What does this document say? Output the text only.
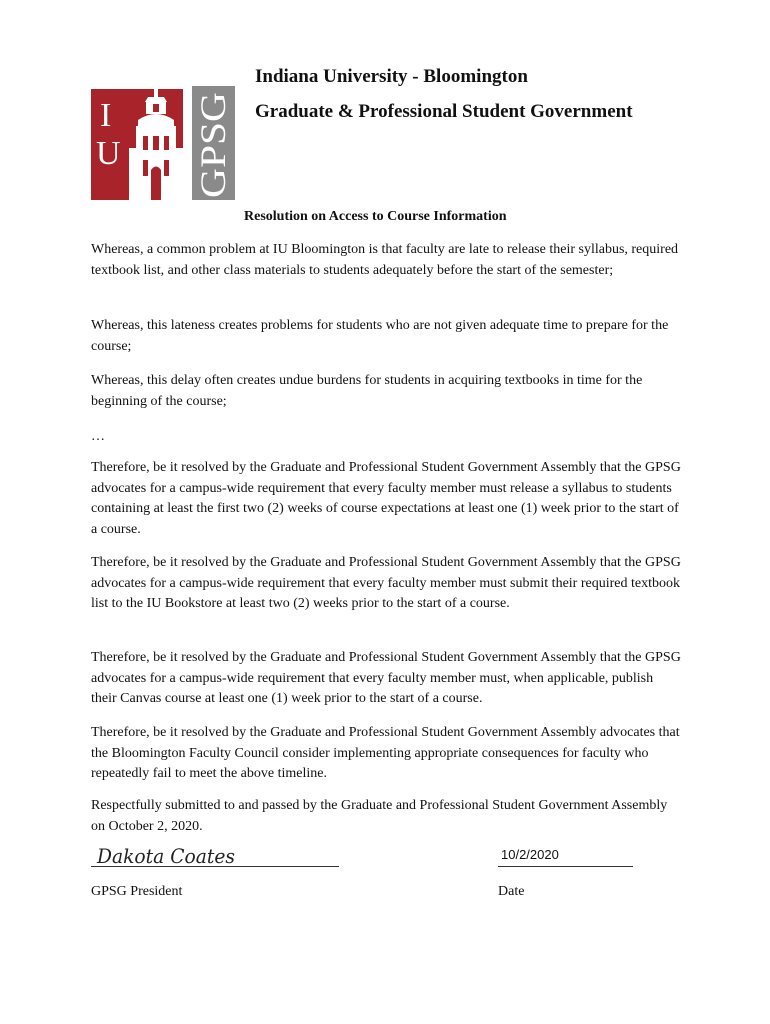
I
U GPSG
Indiana University - Bloomington
Graduate & Professional Student Government
Resolution on Access to Course Information
Whereas, a common problem at IU Bloomington is that faculty are late to release their syllabus, required textbook list, and other class materials to students adequately before the start of the semester;
Whereas, this lateness creates problems for students who are not given adequate time to prepare for the course;
Whereas, this delay often creates undue burdens for students in acquiring textbooks in time for the beginning of the course;
…
Therefore, be it resolved by the Graduate and Professional Student Government Assembly that the GPSG advocates for a campus-wide requirement that every faculty member must release a syllabus to students containing at least the first two (2) weeks of course expectations at least one (1) week prior to the start of a course.
Therefore, be it resolved by the Graduate and Professional Student Government Assembly that the GPSG advocates for a campus-wide requirement that every faculty member must submit their required textbook list to the IU Bookstore at least two (2) weeks prior to the start of a course.
Therefore, be it resolved by the Graduate and Professional Student Government Assembly that the GPSG advocates for a campus-wide requirement that every faculty member must, when applicable, publish their Canvas course at least one (1) week prior to the start of a course.
Therefore, be it resolved by the Graduate and Professional Student Government Assembly advocates that the Bloomington Faculty Council consider implementing appropriate consequences for faculty who repeatedly fail to meet the above timeline.
Respectfully submitted to and passed by the Graduate and Professional Student Government Assembly on October 2, 2020.
Dakota Coates	10/2/2020
GPSG President	Date
